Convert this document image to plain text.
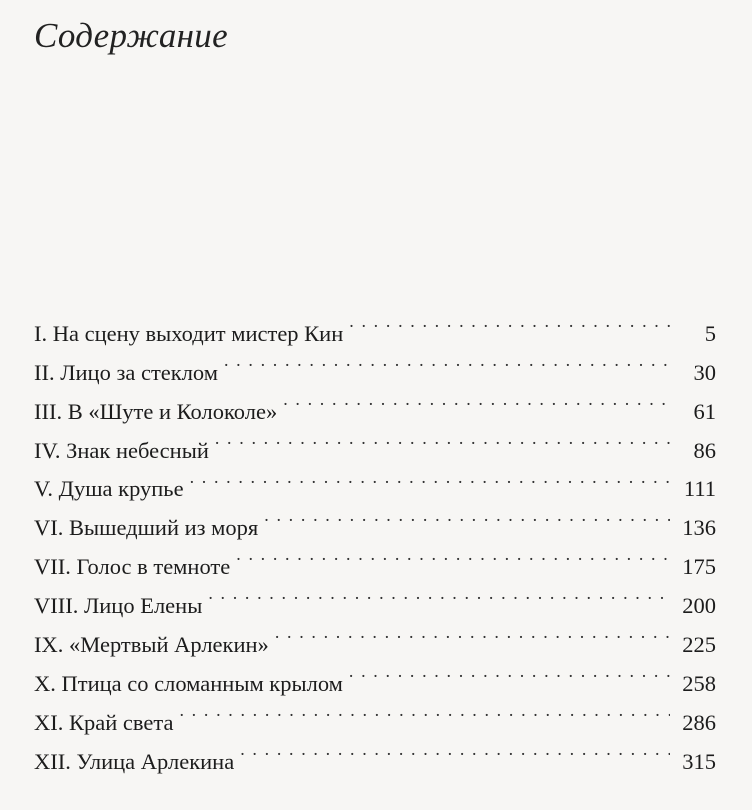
Содержание
I. На сцену выходит мистер Кин . . .	5
II. Лицо за стеклом . . .	30
III. В «Шуте и Колоколе» . . .	61
IV. Знак небесный . . .	86
V. Душа крупье . . .	111
VI. Вышедший из моря . . .	136
VII. Голос в темноте . . .	175
VIII. Лицо Елены . . .	200
IX. «Мертвый Арлекин» . . .	225
X. Птица со сломанным крылом . . .	258
XI. Край света . . .	286
XII. Улица Арлекина . . .	315
